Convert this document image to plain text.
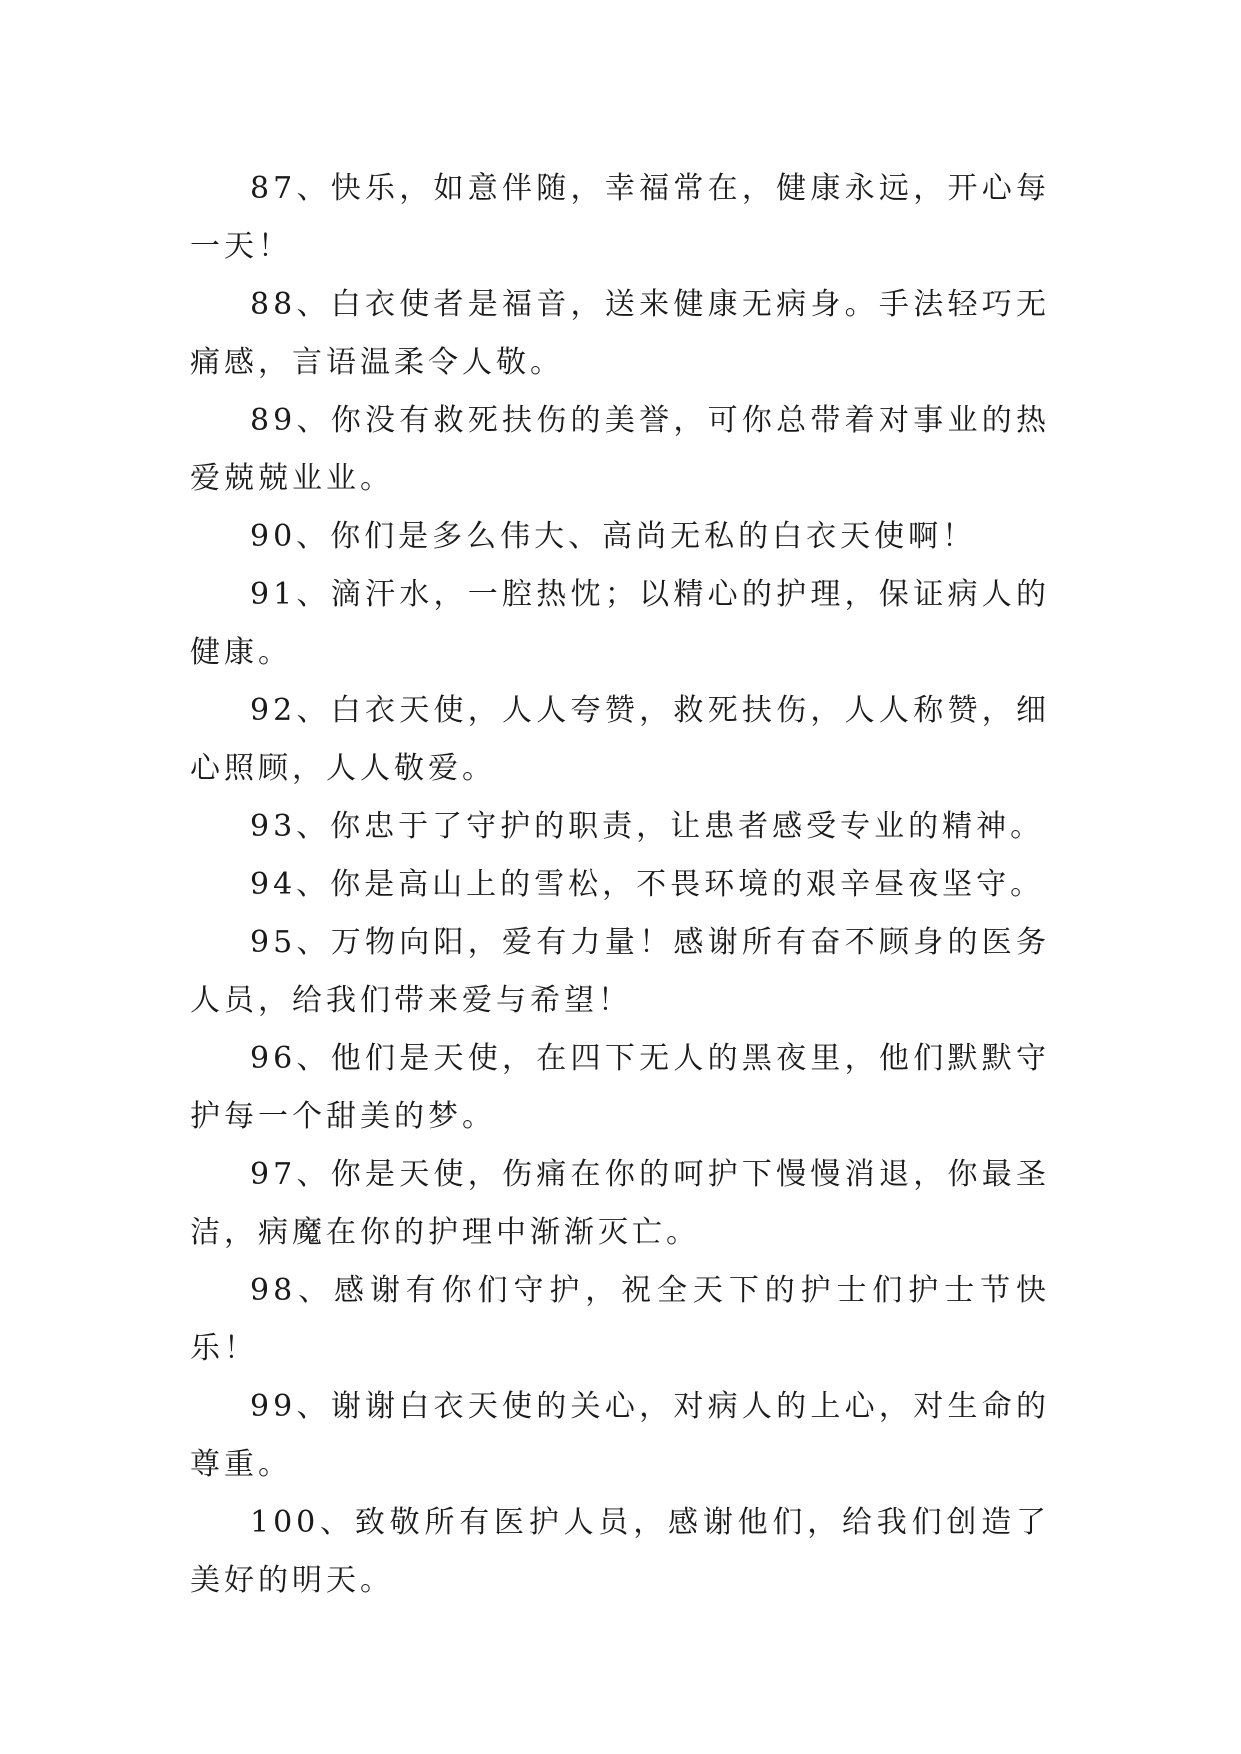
87、快乐，如意伴随，幸福常在，健康永远，开心每一天！

88、白衣使者是福音，送来健康无病身。手法轻巧无痛感，言语温柔令人敬。

89、你没有救死扶伤的美誉，可你总带着对事业的热爱兢兢业业。

90、你们是多么伟大、高尚无私的白衣天使啊！

91、滴汗水，一腔热忱；以精心的护理，保证病人的健康。

92、白衣天使，人人夸赞，救死扶伤，人人称赞，细心照顾，人人敬爱。

93、你忠于了守护的职责，让患者感受专业的精神。

94、你是高山上的雪松，不畏环境的艰辛昼夜坚守。

95、万物向阳，爱有力量！感谢所有奋不顾身的医务人员，给我们带来爱与希望！

96、他们是天使，在四下无人的黑夜里，他们默默守护每一个甜美的梦。

97、你是天使，伤痛在你的呵护下慢慢消退，你最圣洁，病魔在你的护理中渐渐灭亡。

98、感谢有你们守护，祝全天下的护士们护士节快乐！

99、谢谢白衣天使的关心，对病人的上心，对生命的尊重。

100、致敬所有医护人员，感谢他们，给我们创造了美好的明天。
